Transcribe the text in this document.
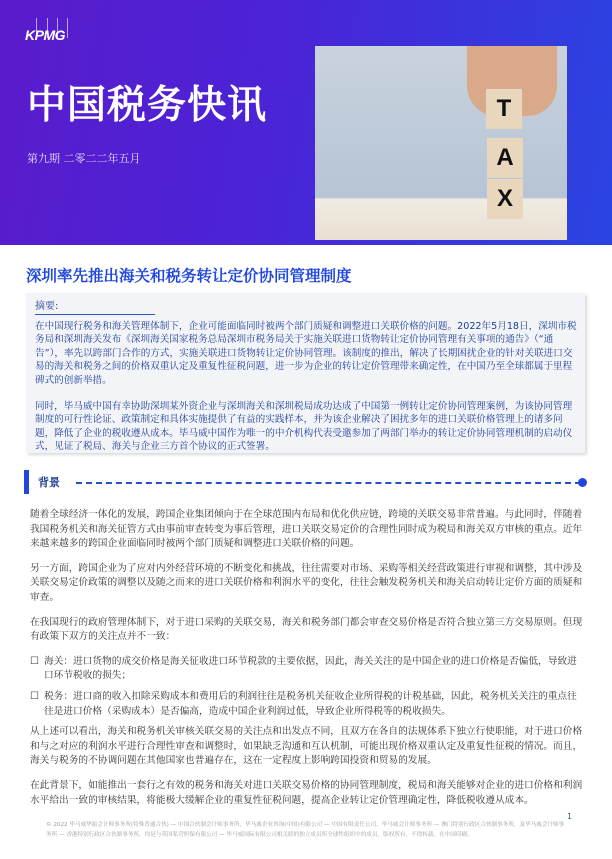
KPMG
中国税务快讯
第九期 二零二二年五月
T
A
X
深圳率先推出海关和税务转让定价协同管理制度
摘要:

在中国现行税务和海关管理体制下，企业可能面临同时被两个部门质疑和调整进口关联价格的问题。2022年5月18日，深圳市税务局和深圳海关发布《深圳海关国家税务总局深圳市税务局关于实施关联进口货物转让定价协同管理有关事项的通告》（“通告”），率先以跨部门合作的方式，实施关联进口货物转让定价协同管理。该制度的推出，解决了长期困扰企业的针对关联进口交易的海关和税务之间的价格双重认定及重复性征税问题，进一步为企业的转让定价管理带来确定性，在中国乃至全球都属于里程碑式的创新举措。

同时，毕马威中国有幸协助深圳某外资企业与深圳海关和深圳税局成功达成了中国第一例转让定价协同管理案例，为该协同管理制度的可行性论证、政策制定和具体实施提供了有益的实践样本，并为该企业解决了困扰多年的进口关联价格管理上的诸多问题，降低了企业的税收遵从成本。毕马威中国作为唯一的中介机构代表受邀参加了两部门举办的转让定价协同管理机制的启动仪式，见证了税局、海关与企业三方首个协议的正式签署。

背景

随着全球经济一体化的发展，跨国企业集团倾向于在全球范围内布局和优化供应链，跨境的关联交易非常普遍。与此同时，伴随着我国税务机关和海关征管方式由事前审查转变为事后管理，进口关联交易定价的合理性同时成为税局和海关双方审核的重点。近年来越来越多的跨国企业面临同时被两个部门质疑和调整进口关联价格的问题。

另一方面，跨国企业为了应对内外经营环境的不断变化和挑战，往往需要对市场、采购等相关经营政策进行审视和调整，其中涉及关联交易定价政策的调整以及随之而来的进口关联价格和利润水平的变化，往往会触发税务机关和海关启动转让定价方面的质疑和审查。

在我国现行的政府管理体制下，对于进口采购的关联交易，海关和税务部门都会审查交易价格是否符合独立第三方交易原则。但现有政策下双方的关注点并不一致：

☐ 海关：进口货物的成交价格是海关征收进口环节税款的主要依据，因此，海关关注的是中国企业的进口价格是否偏低，导致进口环节税收的损失；
☐ 税务：进口商的收入扣除采购成本和费用后的利润往往是税务机关征收企业所得税的计税基础，因此，税务机关关注的重点往往是进口价格（采购成本）是否偏高，造成中国企业利润过低，导致企业所得税等的税收损失。

从上述可以看出，海关和税务机关审核关联交易的关注点和出发点不同，且双方在各自的法规体系下独立行使职能，对于进口价格和与之对应的利润水平进行合理性审查和调整时，如果缺乏沟通和互认机制，可能出现价格双重认定及重复性征税的情况。而且，海关与税务的不协调问题在其他国家也普遍存在，这在一定程度上影响跨国投资和贸易的发展。

在此背景下，如能推出一套行之有效的税务和海关对进口关联交易价格的协同管理制度，税局和海关能够对企业的进口价格和利润水平给出一致的审核结果，将能极大缓解企业的重复性征税问题，提高企业转让定价管理确定性，降低税收遵从成本。

1
© 2022 毕马威华振会计师事务所(特殊普通合伙) — 中国合伙制会计师事务所，毕马威企业咨询(中国)有限公司 — 中国有限责任公司，毕马威会计师事务所 — 澳门特别行政区合伙制事务所，及毕马威会计师事务所 — 香港特别行政区合伙制事务所，均是与英国私营担保有限公司 — 毕马威国际有限公司相关联的独立成员所全球性组织中的成员。版权所有，不得转载。在中国印刷。
